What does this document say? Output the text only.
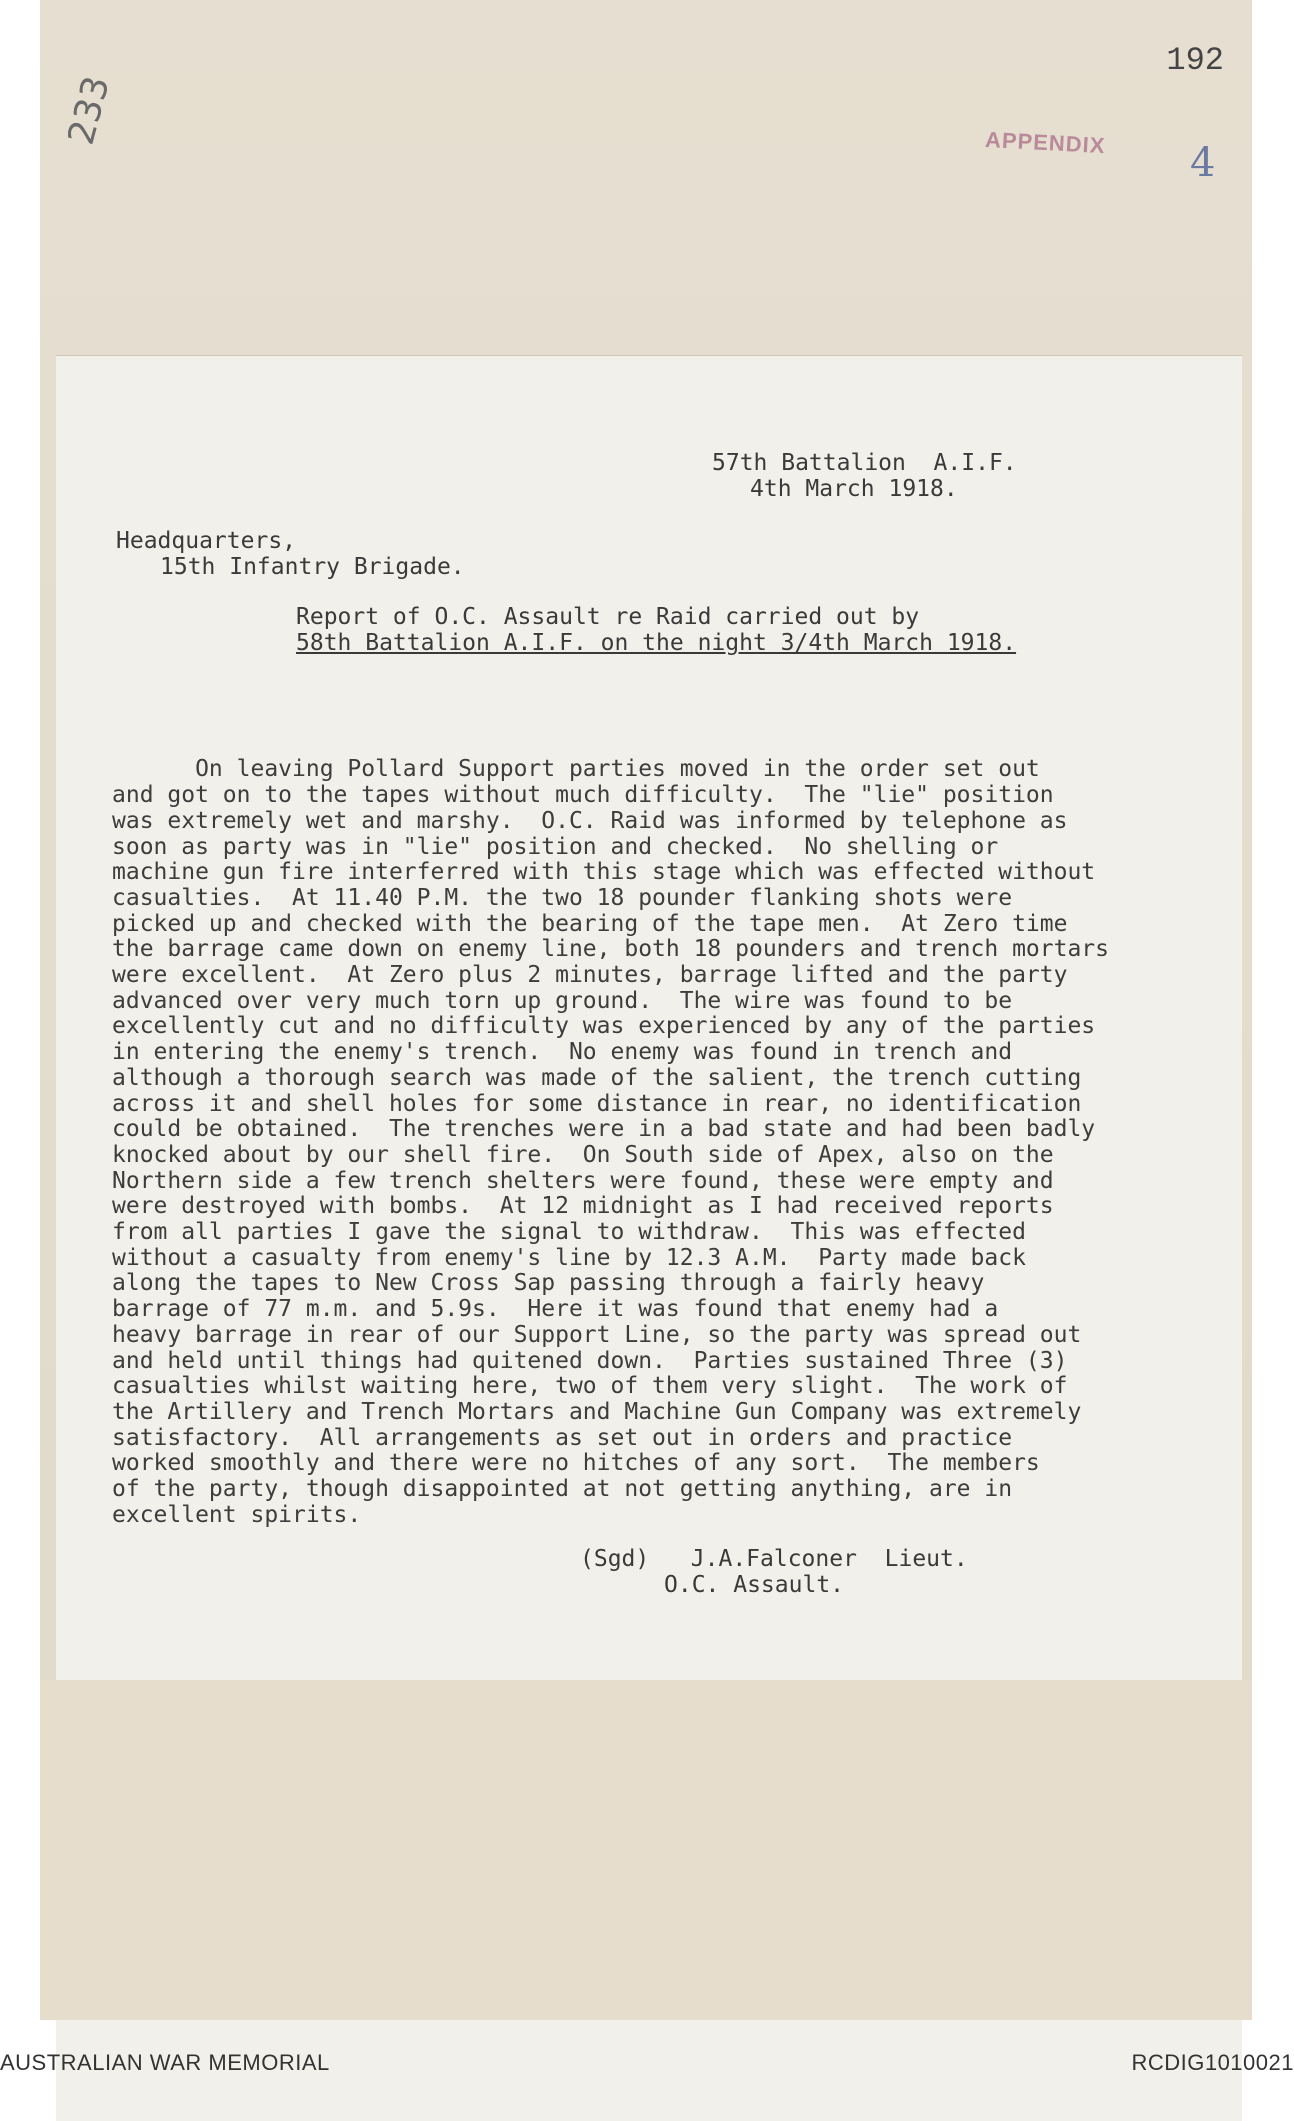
192
233	APPENDIX 4
57th Battalion  A.I.F.
4th March 1918.
Headquarters,
15th Infantry Brigade.
Report of O.C. Assault re Raid carried out by
58th Battalion A.I.F. on the night 3/4th March 1918.

On leaving Pollard Support parties moved in the order set out
and got on to the tapes without much difficulty.  The "lie" position
was extremely wet and marshy.  O.C. Raid was informed by telephone as
soon as party was in "lie" position and checked.  No shelling or
machine gun fire interferred with this stage which was effected without
casualties.  At 11.40 P.M. the two 18 pounder flanking shots were
picked up and checked with the bearing of the tape men.  At Zero time
the barrage came down on enemy line, both 18 pounders and trench mortars
were excellent.  At Zero plus 2 minutes, barrage lifted and the party
advanced over very much torn up ground.  The wire was found to be
excellently cut and no difficulty was experienced by any of the parties
in entering the enemy's trench.  No enemy was found in trench and
although a thorough search was made of the salient, the trench cutting
across it and shell holes for some distance in rear, no identification
could be obtained.  The trenches were in a bad state and had been badly
knocked about by our shell fire.  On South side of Apex, also on the
Northern side a few trench shelters were found, these were empty and
were destroyed with bombs.  At 12 midnight as I had received reports
from all parties I gave the signal to withdraw.  This was effected
without a casualty from enemy's line by 12.3 A.M.  Party made back
along the tapes to New Cross Sap passing through a fairly heavy
barrage of 77 m.m. and 5.9s.  Here it was found that enemy had a
heavy barrage in rear of our Support Line, so the party was spread out
and held until things had quitened down.  Parties sustained Three (3)
casualties whilst waiting here, two of them very slight.  The work of
the Artillery and Trench Mortars and Machine Gun Company was extremely
satisfactory.  All arrangements as set out in orders and practice
worked smoothly and there were no hitches of any sort.  The members
of the party, though disappointed at not getting anything, are in
excellent spirits.

(Sgd)   J.A.Falconer  Lieut.
O.C. Assault.
AUSTRALIAN WAR MEMORIAL	RCDIG1010021
